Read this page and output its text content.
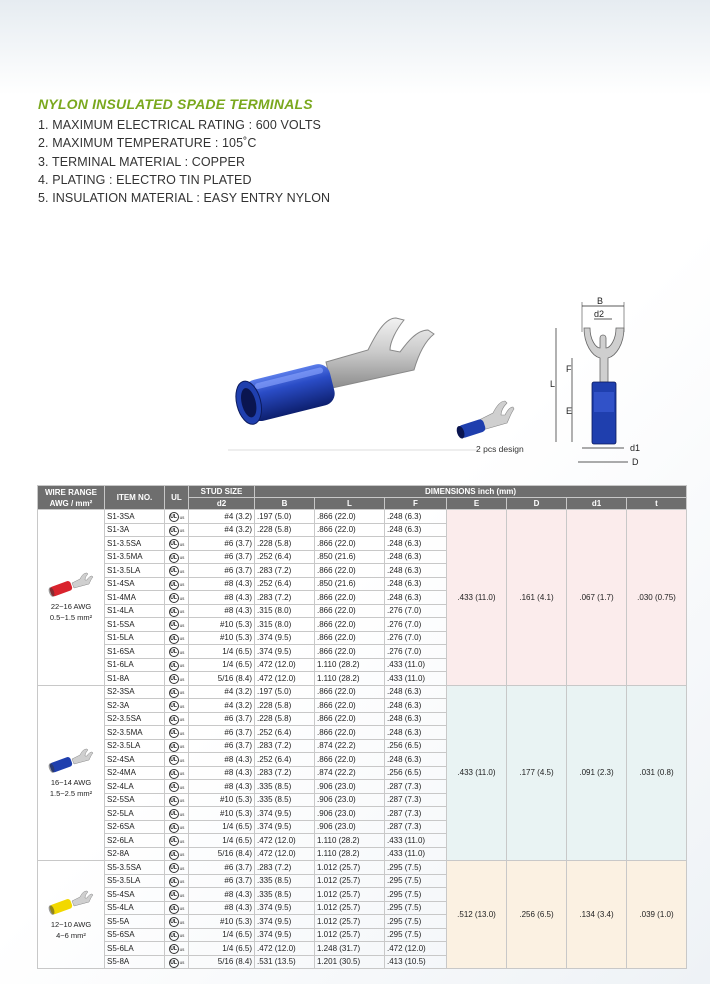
NYLON INSULATED SPADE TERMINALS
1. MAXIMUM ELECTRICAL RATING : 600 VOLTS
2. MAXIMUM TEMPERATURE : 105˚C
3. TERMINAL MATERIAL : COPPER
4. PLATING : ELECTRO TIN PLATED
5. INSULATION MATERIAL : EASY ENTRY NYLON
2 pcs design
B
d2
L
F
E
d1
D
WIRE RANGE
AWG / mm²	ITEM NO.	UL	STUD SIZE	DIMENSIONS inch (mm)						
			d2	B	L	F	E	D	d1	t

22~16 AWG
0.5~1.5 mm²	S1-3SA	UL us	#4 (3.2)	.197 (5.0)	.866 (22.0)	.248 (6.3)	.433 (11.0)	.161 (4.1)	.067 (1.7)	.030 (0.75)
	S1-3A	UL us	#4 (3.2)	.228 (5.8)	.866 (22.0)	.248 (6.3)				
	S1-3.5SA	UL us	#6 (3.7)	.228 (5.8)	.866 (22.0)	.248 (6.3)				
	S1-3.5MA	UL us	#6 (3.7)	.252 (6.4)	.850 (21.6)	.248 (6.3)				
	S1-3.5LA	UL us	#6 (3.7)	.283 (7.2)	.866 (22.0)	.248 (6.3)				
	S1-4SA	UL us	#8 (4.3)	.252 (6.4)	.850 (21.6)	.248 (6.3)				
	S1-4MA	UL us	#8 (4.3)	.283 (7.2)	.866 (22.0)	.248 (6.3)				
	S1-4LA	UL us	#8 (4.3)	.315 (8.0)	.866 (22.0)	.276 (7.0)				
	S1-5SA	UL us	#10 (5.3)	.315 (8.0)	.866 (22.0)	.276 (7.0)				
	S1-5LA	UL us	#10 (5.3)	.374 (9.5)	.866 (22.0)	.276 (7.0)				
	S1-6SA	UL us	1/4 (6.5)	.374 (9.5)	.866 (22.0)	.276 (7.0)				
	S1-6LA	UL us	1/4 (6.5)	.472 (12.0)	1.110 (28.2)	.433 (11.0)				
	S1-8A	UL us	5/16 (8.4)	.472 (12.0)	1.110 (28.2)	.433 (11.0)				

16~14 AWG
1.5~2.5 mm²	S2-3SA	UL us	#4 (3.2)	.197 (5.0)	.866 (22.0)	.248 (6.3)	.433 (11.0)	.177 (4.5)	.091 (2.3)	.031 (0.8)
	S2-3A	UL us	#4 (3.2)	.228 (5.8)	.866 (22.0)	.248 (6.3)				
	S2-3.5SA	UL us	#6 (3.7)	.228 (5.8)	.866 (22.0)	.248 (6.3)				
	S2-3.5MA	UL us	#6 (3.7)	.252 (6.4)	.866 (22.0)	.248 (6.3)				
	S2-3.5LA	UL us	#6 (3.7)	.283 (7.2)	.874 (22.2)	.256 (6.5)				
	S2-4SA	UL us	#8 (4.3)	.252 (6.4)	.866 (22.0)	.248 (6.3)				
	S2-4MA	UL us	#8 (4.3)	.283 (7.2)	.874 (22.2)	.256 (6.5)				
	S2-4LA	UL us	#8 (4.3)	.335 (8.5)	.906 (23.0)	.287 (7.3)				
	S2-5SA	UL us	#10 (5.3)	.335 (8.5)	.906 (23.0)	.287 (7.3)				
	S2-5LA	UL us	#10 (5.3)	.374 (9.5)	.906 (23.0)	.287 (7.3)				
	S2-6SA	UL us	1/4 (6.5)	.374 (9.5)	.906 (23.0)	.287 (7.3)				
	S2-6LA	UL us	1/4 (6.5)	.472 (12.0)	1.110 (28.2)	.433 (11.0)				
	S2-8A	UL us	5/16 (8.4)	.472 (12.0)	1.110 (28.2)	.433 (11.0)				

12~10 AWG
4~6 mm²	S5-3.5SA	UL us	#6 (3.7)	.283 (7.2)	1.012 (25.7)	.295 (7.5)	.512 (13.0)	.256 (6.5)	.134 (3.4)	.039 (1.0)
	S5-3.5LA	UL us	#6 (3.7)	.335 (8.5)	1.012 (25.7)	.295 (7.5)				
	S5-4SA	UL us	#8 (4.3)	.335 (8.5)	1.012 (25.7)	.295 (7.5)				
	S5-4LA	UL us	#8 (4.3)	.374 (9.5)	1.012 (25.7)	.295 (7.5)				
	S5-5A	UL us	#10 (5.3)	.374 (9.5)	1.012 (25.7)	.295 (7.5)				
	S5-6SA	UL us	1/4 (6.5)	.374 (9.5)	1.012 (25.7)	.295 (7.5)				
	S5-6LA	UL us	1/4 (6.5)	.472 (12.0)	1.248 (31.7)	.472 (12.0)				
	S5-8A	UL us	5/16 (8.4)	.531 (13.5)	1.201 (30.5)	.413 (10.5)				
